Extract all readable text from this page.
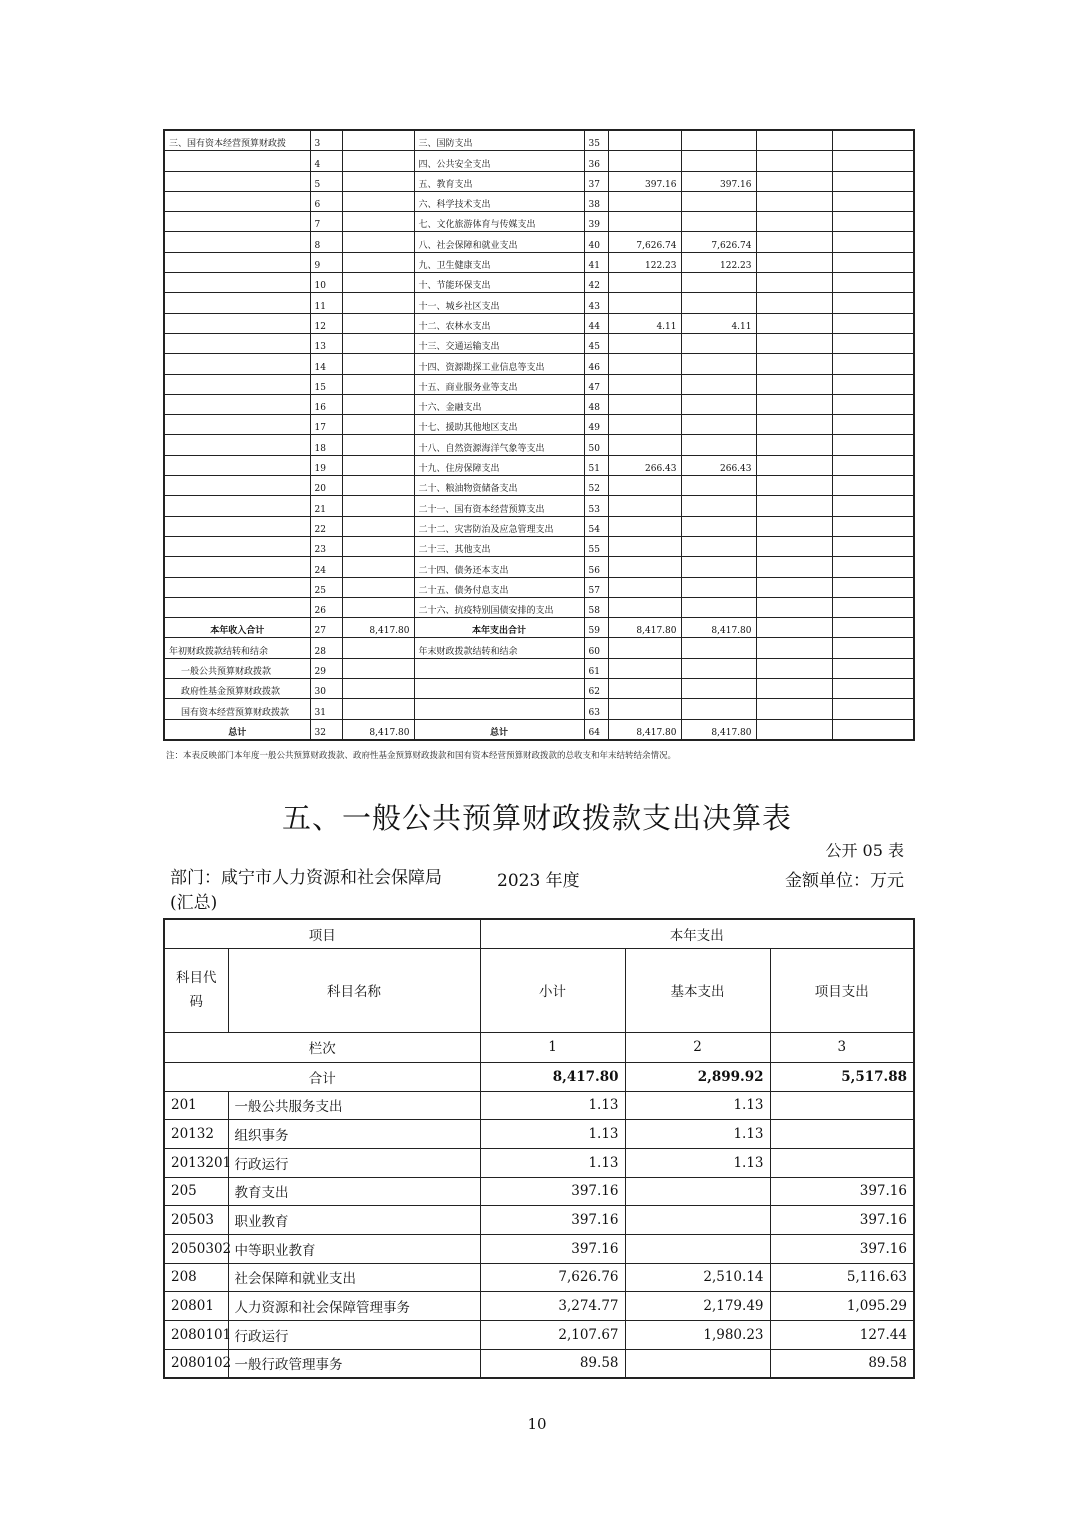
三、国有资本经营预算财政拨	3		三、国防支出	35				
	4		四、公共安全支出	36				
	5		五、教育支出	37	397.16	397.16		
	6		六、科学技术支出	38				
	7		七、文化旅游体育与传媒支出	39				
	8		八、社会保障和就业支出	40	7,626.74	7,626.74		
	9		九、卫生健康支出	41	122.23	122.23		
	10		十、节能环保支出	42				
	11		十一、城乡社区支出	43				
	12		十二、农林水支出	44	4.11	4.11		
	13		十三、交通运输支出	45				
	14		十四、资源勘探工业信息等支出	46				
	15		十五、商业服务业等支出	47				
	16		十六、金融支出	48				
	17		十七、援助其他地区支出	49				
	18		十八、自然资源海洋气象等支出	50				
	19		十九、住房保障支出	51	266.43	266.43		
	20		二十、粮油物资储备支出	52				
	21		二十一、国有资本经营预算支出	53				
	22		二十二、灾害防治及应急管理支出	54				
	23		二十三、其他支出	55				
	24		二十四、债务还本支出	56				
	25		二十五、债务付息支出	57				
	26		二十六、抗疫特别国债安排的支出	58				
本年收入合计	27	8,417.80	本年支出合计	59	8,417.80	8,417.80		
年初财政拨款结转和结余	28		年末财政拨款结转和结余	60				
一般公共预算财政拨款	29			61				
政府性基金预算财政拨款	30			62				
国有资本经营预算财政拨款	31			63				
总计	32	8,417.80	总计	64	8,417.80	8,417.80		
注：本表反映部门本年度一般公共预算财政拨款、政府性基金预算财政拨款和国有资本经营预算财政拨款的总收支和年末结转结余情况。
五、一般公共预算财政拨款支出决算表
公开 05 表
部门：咸宁市人力资源和社会保障局(汇总)
2023 年度	金额单位：万元
项目		本年支出		
科目代码	科目名称	小计	基本支出	项目支出
栏次		1	2	3
合计		8,417.80	2,899.92	5,517.88
201	一般公共服务支出	1.13	1.13	
20132	组织事务	1.13	1.13	
2013201	行政运行	1.13	1.13	
205	教育支出	397.16		397.16
20503	职业教育	397.16		397.16
2050302	中等职业教育	397.16		397.16
208	社会保障和就业支出	7,626.76	2,510.14	5,116.63
20801	人力资源和社会保障管理事务	3,274.77	2,179.49	1,095.29
2080101	行政运行	2,107.67	1,980.23	127.44
2080102	一般行政管理事务	89.58		89.58
10
